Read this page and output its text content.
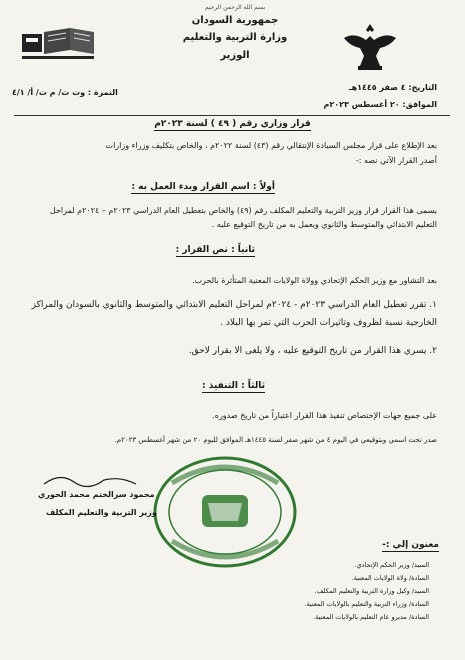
بسم الله الرحمن الرحيم
جمهورية السودان
وزارة التربية والتعليم
الوزير
التاريخ: ٤ صفر ١٤٤٥هـ
الموافق: ٢٠ أغسطس ٢٠٢٣م
النمرة : وت ت/ م ت/ أ/ ٤/١
قرار وزاري رقم ( ٤٩ ) لسنة ٢٠٢٣م
بعد الإطلاع على قرار مجلس السيادة الإنتقالي رقم (٤٣) لسنة ٢٠٢٢م ، والخاص بتكليف وزراء وزارات
أصدر القرار الآتي نصه :-
أولاً : اسم القرار وبدء العمل به :
يسمى هذا القرار قرار وزير التربية والتعليم المكلف رقم (٤٩) والخاص بتعطيل العام الدراسي ٢٠٢٣م – ٢٠٢٤م لمراحل التعليم الابتدائي والمتوسط والثانوي ويعمل به من تاريخ التوقيع عليه .
ثانياً : نص القرار :
بعد التشاور مع وزير الحكم الإتحادي وولاة الولايات المعنية المتأثرة بالحرب.
١. تقرر تعطيل العام الدراسي ٢٠٢٣م - ٢٠٢٤م لمراحل التعليم الابتدائي والمتوسط والثانوي بالسودان والمراكز الخارجية نسبة لظروف وتاثيرات الحرب التي تمر بها البلاد .
٢. يسري هذا القرار من تاريخ التوقيع عليه ، ولا يلغى الا بقرار لاحق.
ثالثاً : التنفيذ :
على جميع جهات الإختصاص تنفيذ هذا القرار اعتباراً من تاريخ صدوره.
صدر تحت اسمي وبتوقيعي في اليوم ٤ من شهر صفر لسنة ١٤٤٥هـ الموافق لليوم ٢٠ من شهر أغسطس ٢٠٢٣م.
محمود سرالختم محمد الحوري
وزير التربية والتعليم المكلف
معنون إلي :-
السيد/ وزير الحكم الإتحادي.
السادة/ ولاة الولايات المعنية.
السيد/ وكيل وزارة التربية والتعليم المكلف.
السادة/ وزراء التربية والتعليم بالولايات المعنية.
السادة/ مديرو عام التعليم بالولايات المعنية.
